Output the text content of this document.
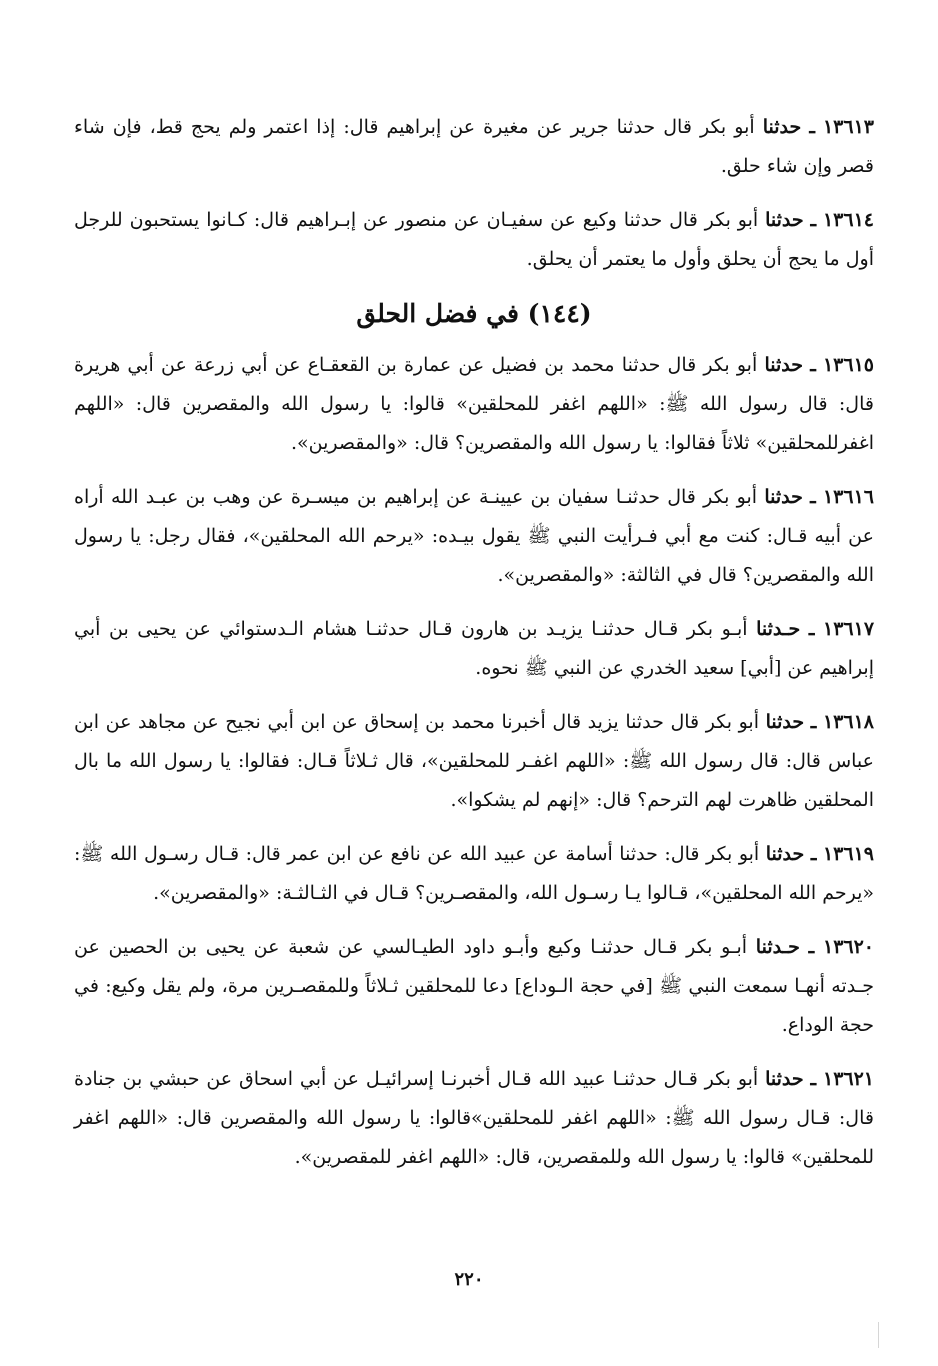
١٣٦١٣ ـ حدثنا أبو بكر قال حدثنا جرير عن مغيرة عن إبراهيم قال: إذا اعتمر ولم يحج قط، فإن شاء قصر وإن شاء حلق.

١٣٦١٤ ـ حدثنا أبو بكر قال حدثنا وكيع عن سفيـان عن منصور عن إبـراهيم قال: كـانوا يستحبون للرجل أول ما يحج أن يحلق وأول ما يعتمر أن يحلق.

(١٤٤) في فضل الحلق

١٣٦١٥ ـ حدثنا أبو بكر قال حدثنا محمد بن فضيل عن عمارة بن القعقـاع عن أبي زرعة عن أبي هريرة قال: قال رسول الله ﷺ: «اللهم اغفر للمحلقين» قالوا: يا رسول الله والمقصرين قال: «اللهم اغفرللمحلقين» ثلاثاً فقالوا: يا رسول الله والمقصرين؟ قال: «والمقصرين».

١٣٦١٦ ـ حدثنا أبو بكر قال حدثنـا سفيان بن عيينـة عن إبراهيم بن ميسـرة عن وهب بن عبـد الله أراه عن أبيه قـال: كنت مع أبي فـرأيت النبي ﷺ يقول بيـده: «يرحم الله المحلقين»، فقال رجل: يا رسول الله والمقصرين؟ قال في الثالثة: «والمقصرين».

١٣٦١٧ ـ حـدثنا أبـو بكر قـال حدثنـا يزيـد بن هارون قـال حدثنـا هشام الـدستوائي عن يحيى بن أبي إبراهيم عن [أبي] سعيد الخدري عن النبي ﷺ نحوه.

١٣٦١٨ ـ حدثنا أبو بكر قال حدثنا يزيد قال أخبرنا محمد بن إسحاق عن ابن أبي نجيح عن مجاهد عن ابن عباس قال: قال رسول الله ﷺ: «اللهم اغفـر للمحلقين»، قال ثـلاثاً قـال: فقالوا: يا رسول الله ما بال المحلقين ظاهرت لهم الترحم؟ قال: «إنهم لم يشكوا».

١٣٦١٩ ـ حدثنا أبو بكر قال: حدثنا أسامة عن عبيد الله عن نافع عن ابن عمر قال: قـال رسـول الله ﷺ: «يرحم الله المحلقين»، قـالوا يـا رسـول الله، والمقصـرين؟ قـال في الثـالثـة: «والمقصرين».

١٣٦٢٠ ـ حـدثنا أبـو بكر قـال حدثنـا وكيع وأبـو داود الطيـالسي عن شعبة عن يحيى بن الحصين عن جـدته أنهـا سمعت النبي ﷺ [في حجة الـوداع] دعا للمحلقين ثـلاثاً وللمقصـرين مرة، ولم يقل وكيع: في حجة الوداع.

١٣٦٢١ ـ حدثنا أبو بكر قـال حدثنـا عبيد الله قـال أخبرنـا إسرائيـل عن أبي اسحاق عن حبشي بن جنادة قال: قـال رسول الله ﷺ: «اللهم اغفر للمحلقين»قالوا: يا رسول الله والمقصرين قال: «اللهم اغفر للمحلقين» قالوا: يا رسول الله وللمقصرين، قال: «اللهم اغفر للمقصرين».

٢٢٠
